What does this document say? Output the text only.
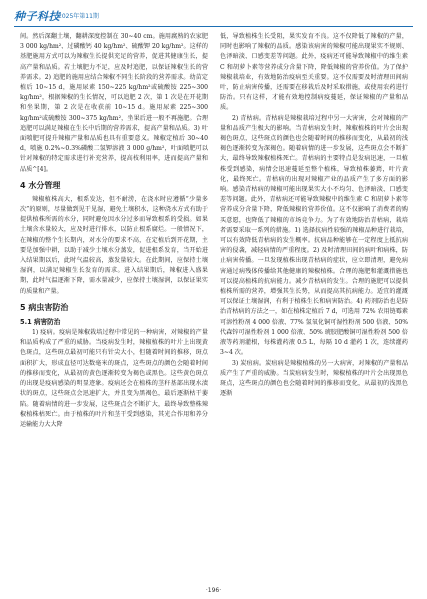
种子科技
2025年第11期

间。然后深翻土壤，翻耕深度控制在 30~40 cm。施用腐熟的农家肥 3 000 kg/hm²、过磷酸钙 40 kg/hm²、硫酸钾 20 kg/hm²。这样的基肥施用方式可以为辣椒生长提供充足的营养，促进其健康生长，提高产量和品质。若土壤肥力不足，应及时追肥，以保证辣椒生长的营养需求。2) 追肥的施用应结合辣椒不同生长阶段的营养需求。幼苗定植后 10~15 d，施用尿素 150~225 kg/hm²或硫酸铵 225~300 kg/hm²，根据辣椒的生长情况，可以追肥 2 次，第 1 次是在开花期和坐果期，第 2 次是在收获前 10~15 d。施用尿素 225~300 kg/hm²或硫酸铵 300~375 kg/hm²，坐果后进一般不再施肥。合理追肥可以满足辣椒在生长中后期的营养需求，提高产量和品质。3) 叶面喷肥可提升辣椒产量和品质也具有重要意义。辣椒定植后 30~40 d，喷施 0.2%~0.3%磷酸二氢钾溶液 3 000 g/hm²，叶面喷肥可以针对辣椒的特定需求进行补充营养，提高枝利用率，进而提高产量和品质^[4]。

4 水分管理

辣椒植株高大，根系发达，但不耐涝，在浇水时应遵循“少量多次”的原则，尽量做到见干见湿，避免土壤积水，这种浇水方式有助于提供植株所需的水分，同时避免因水分过多而导致根系的受损。如果土壤含水量较大，应及时进行排水，以防止根系腐烂。一般情况下，在辣椒的整个生长期内，对水分的要求不高，在定植后到开花期，主要是加强中耕，以助于减少土壤水分蒸发，促进根系发育，当开始进入结果期以后，此时气温较高，蒸发量较大。在此期间，应保持土壤湿润，以满足辣椒生长发育的需求。进入结果期后，辣椒进入盛果期，此时气温逐渐下降，需水量减少，应保持土壤湿润，以保证果实的质量和产量。

5 病虫害防治
5.1 病害防治

1) 疫病。疫病是辣椒栽培过程中常见的一种病害，对辣椒的产量和品质构成了严重的威胁。当疫病发生时，辣椒植株的叶片上出现黄色斑点，这些斑点最初可能只有针尖大小，但随着时间的推移，斑点面积扩大，形成直径可达数毫米的斑点，这些斑点的颜色会随着时间的推移而变化，从最初的黄色逐渐转变为褐色或黑色。这些黄色斑点的出现是疫病感染的明显迹象。疫病还会在植株的茎秆基部出现水渍状的斑点，这些斑点会迅速扩大，并且变为黑褐色，最后逐渐枯干萎陷。随着病情的进一步发展，这些斑点会不断扩大，最终导致整株辣椒植株枯死亡。由于植株的叶片和茎干受到感染，其光合作用和养分运输能力大大降

低，导致植株生长受阻，果实发育不良。这不仅降低了辣椒的产量，同时也影响了辣椒的品质。感染该病害的辣椒可能出现果实不规则、色泽暗淡、口感变差等问题。此外，疫病还可能导致辣椒中的维生素 C 和胡萝卜素等营养成分含量下降，降低辣椒的营养价值。为了保护辣椒栽培业，有效地防治疫病至关重要。这不仅需要及时清理田间病叶，防止病害传播，还需要在移栽后及时采取措施，或使用农药进行防治。只有这样，才能有效地控制病疫蔓延，保证辣椒的产量和品质。

2) 青枯病。青枯病是辣椒栽培过程中另一大害害，会对辣椒的产量和品质产生极大的影响。当青枯病发生时，辣椒植株的叶片会出现褐色斑点，这些斑点的颜色也会随着时间的推移而变化，从最初的浅褐色逐渐转变为深褐色。随着病情的进一步发展，这些斑点会不断扩大，最终导致辣椒植株死亡。青枯病的主要特点是发病迅速，一旦植株受到感染，病情会迅速蔓延至整个植株，导致植株萎蔫，叶片黄化，最终死亡。青枯病的出现对辣椒产业的品质产生了多方面的影响。感染青枯病的辣椒可能出现果实大小不均匀、色泽暗淡、口感变差等问题。此外，青枯病还可能导致辣椒中的维生素 C 和胡萝卜素等营养成分含量下降，降低辣椒的营养价值。这不仅影响了消费者的购买意愿，也降低了辣椒的市场竞争力。为了有效地防治青枯病，栽培者需要采取一系列的措施。1) 选择抗病性较强的辣椒品种进行栽培，可以有效降低青枯病的发生概率。抗病品种能够在一定程度上抵抗病害的侵袭，减轻病情的严重程度。2) 及时清理田间的病叶和病株，防止病害传播。一旦发现植株出现青枯病的症状，应立即清理，避免病害通过病残体传播给其他健康的辣椒植株。合理的施肥和灌溉措施也可以提高植株的抗病能力。减少青枯病的发生。合理的施肥可以提供植株所需的营养，增强其生长势，从而提高其抗病能力。适宜的灌溉可以保证土壤湿润，有利于植株生长和病害防治。4) 药剂防治也是防治青枯病的方法之一，如在植株定植后 7 d，可选用 72% 农用链霉素可溶性粉剂 4 000 倍液、77% 氢氧化铜可湿性粉剂 500 倍液、50% 代森锌可湿性粉剂 1 000 倍液、50% 琥胶肥酸铜可湿性粉剂 500 倍液等药剂灌根，每株灌药液 0.5 L，每隔 10 d 灌药 1 次，连续灌药 3~4 次。

3) 炭疽病。炭疽病是辣椒植株的另一大病害，对辣椒的产量和品质产生了严重的威胁。当炭疽病发生时，辣椒植株的叶片会出现黑色斑点，这些斑点的颜色也会随着时间的推移而变化，从最初的浅黑色逐渐

·196·
